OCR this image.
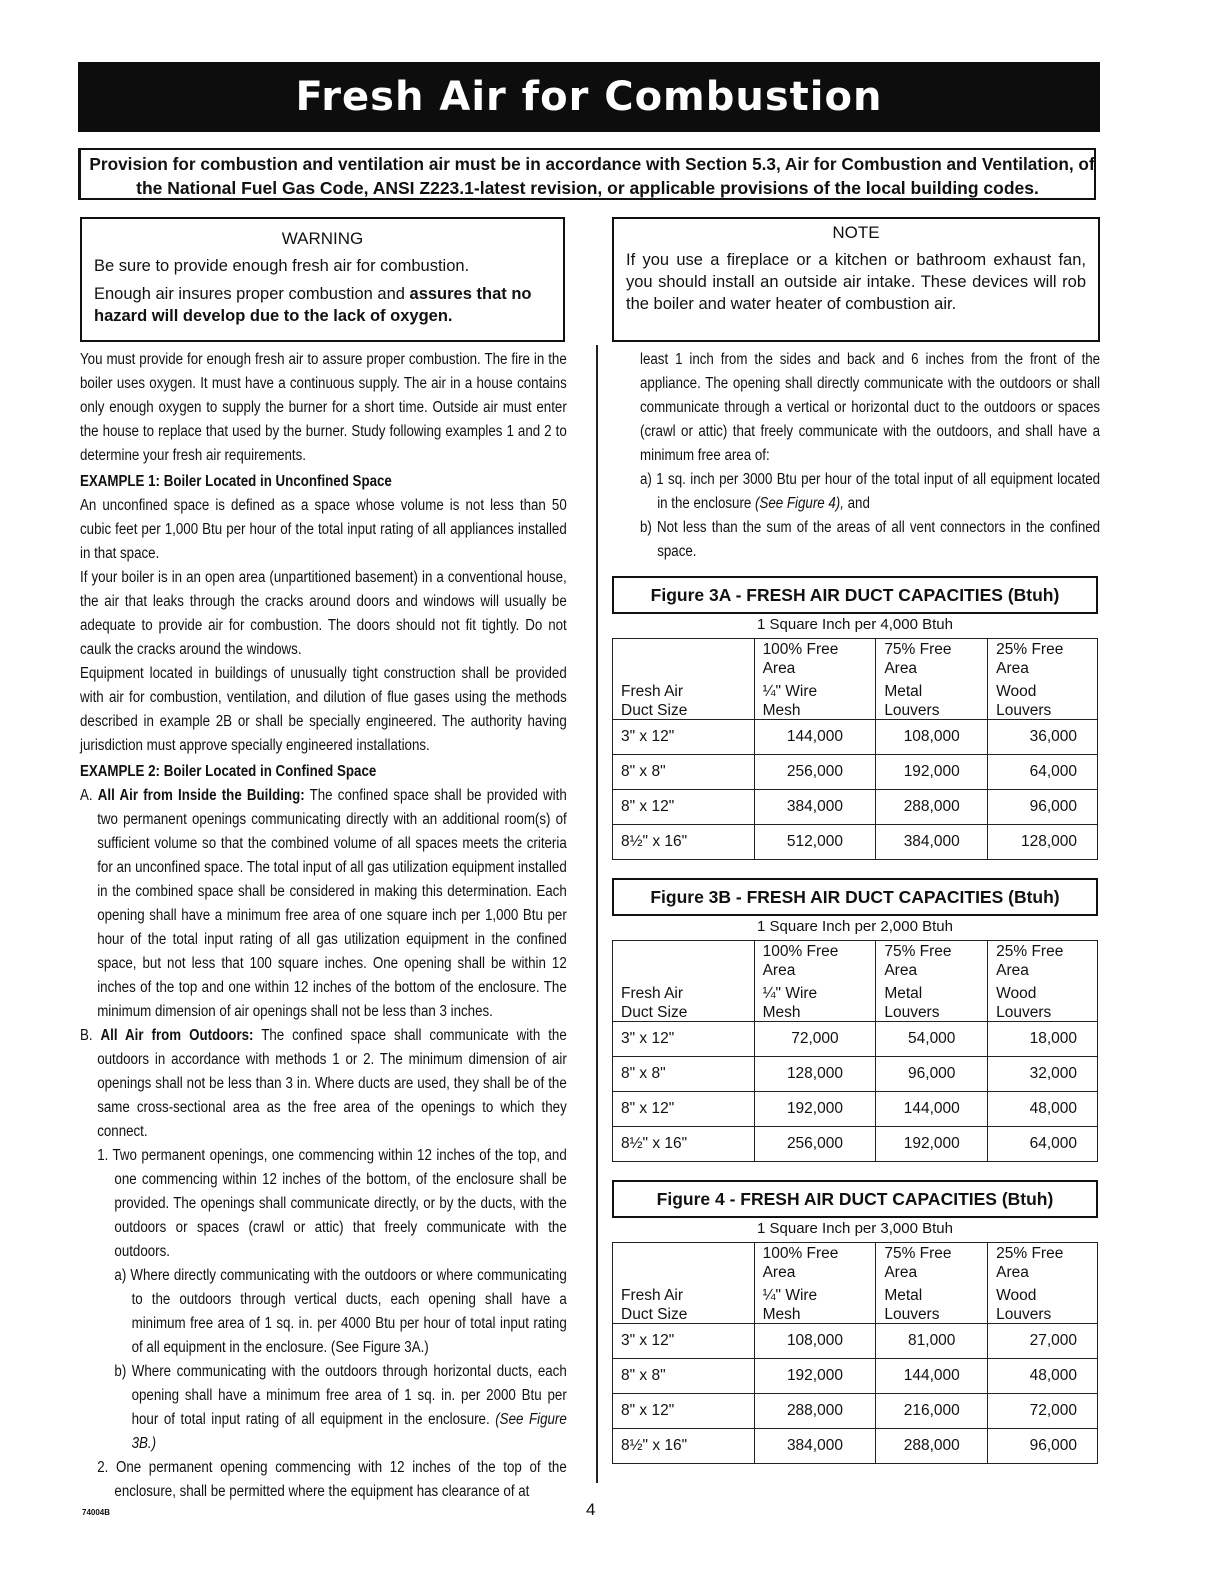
Fresh Air for Combustion
Provision for combustion and ventilation air must be in accordance with Section 5.3, Air for Combustion and Ventilation, of
the National Fuel Gas Code, ANSI Z223.1-latest revision, or applicable provisions of the local building codes.
WARNING

Be sure to provide enough fresh air for combustion.

Enough air insures proper combustion and assures that no hazard will develop due to the lack of oxygen.

NOTE

If you use a fireplace or a kitchen or bathroom exhaust fan, you should install an outside air intake. These devices will rob the boiler and water heater of combustion air.

You must provide for enough fresh air to assure proper combustion. The fire in the boiler uses oxygen. It must have a continuous supply. The air in a house contains only enough oxygen to supply the burner for a short time. Outside air must enter the house to replace that used by the burner. Study following examples 1 and 2 to determine your fresh air requirements.

EXAMPLE 1: Boiler Located in Unconfined Space

An unconfined space is defined as a space whose volume is not less than 50 cubic feet per 1,000 Btu per hour of the total input rating of all appliances installed in that space.

If your boiler is in an open area (unpartitioned basement) in a conventional house, the air that leaks through the cracks around doors and windows will usually be adequate to provide air for combustion. The doors should not fit tightly. Do not caulk the cracks around the windows.

Equipment located in buildings of unusually tight construction shall be provided with air for combustion, ventilation, and dilution of flue gases using the methods described in example 2B or shall be specially engineered. The authority having jurisdiction must approve specially engineered installations.

EXAMPLE 2: Boiler Located in Confined Space

A. All Air from Inside the Building: The confined space shall be provided with two permanent openings communicating directly with an additional room(s) of sufficient volume so that the combined volume of all spaces meets the criteria for an unconfined space. The total input of all gas utilization equipment installed in the combined space shall be considered in making this determination. Each opening shall have a minimum free area of one square inch per 1,000 Btu per hour of the total input rating of all gas utilization equipment in the confined space, but not less that 100 square inches. One opening shall be within 12 inches of the top and one within 12 inches of the bottom of the enclosure. The minimum dimension of air openings shall not be less than 3 inches.

B. All Air from Outdoors: The confined space shall communicate with the outdoors in accordance with methods 1 or 2. The minimum dimension of air openings shall not be less than 3 in. Where ducts are used, they shall be of the same cross-sectional area as the free area of the openings to which they connect.

1. Two permanent openings, one commencing within 12 inches of the top, and one commencing within 12 inches of the bottom, of the enclosure shall be provided. The openings shall communicate directly, or by the ducts, with the outdoors or spaces (crawl or attic) that freely communicate with the outdoors.

a) Where directly communicating with the outdoors or where communicating to the outdoors through vertical ducts, each opening shall have a minimum free area of 1 sq. in. per 4000 Btu per hour of total input rating of all equipment in the enclosure. (See Figure 3A.)

b) Where communicating with the outdoors through horizontal ducts, each opening shall have a minimum free area of 1 sq. in. per 2000 Btu per hour of total input rating of all equipment in the enclosure. (See Figure 3B.)

2. One permanent opening commencing with 12 inches of the top of the enclosure, shall be permitted where the equipment has clearance of at

least 1 inch from the sides and back and 6 inches from the front of the appliance. The opening shall directly communicate with the outdoors or shall communicate through a vertical or horizontal duct to the outdoors or spaces (crawl or attic) that freely communicate with the outdoors, and shall have a minimum free area of:

a) 1 sq. inch per 3000 Btu per hour of the total input of all equipment located in the enclosure (See Figure 4), and

b) Not less than the sum of the areas of all vent connectors in the confined space.

Figure 3A - FRESH AIR DUCT CAPACITIES (Btuh)
1 Square Inch per 4,000 Btuh
	100% Free	75% Free	25% Free
	Area	Area	Area
Fresh Air	¼" Wire	Metal	Wood
Duct Size	Mesh	Louvers	Louvers
3" x 12"	144,000	108,000	36,000
8" x 8"	256,000	192,000	64,000
8" x 12"	384,000	288,000	96,000
8½" x 16"	512,000	384,000	128,000
Figure 3B - FRESH AIR DUCT CAPACITIES (Btuh)
1 Square Inch per 2,000 Btuh
	100% Free	75% Free	25% Free
	Area	Area	Area
Fresh Air	¼" Wire	Metal	Wood
Duct Size	Mesh	Louvers	Louvers
3" x 12"	72,000	54,000	18,000
8" x 8"	128,000	96,000	32,000
8" x 12"	192,000	144,000	48,000
8½" x 16"	256,000	192,000	64,000
Figure 4 - FRESH AIR DUCT CAPACITIES (Btuh)
1 Square Inch per 3,000 Btuh
	100% Free	75% Free	25% Free
	Area	Area	Area
Fresh Air	¼" Wire	Metal	Wood
Duct Size	Mesh	Louvers	Louvers
3" x 12"	108,000	81,000	27,000
8" x 8"	192,000	144,000	48,000
8" x 12"	288,000	216,000	72,000
8½" x 16"	384,000	288,000	96,000
74004B	4
